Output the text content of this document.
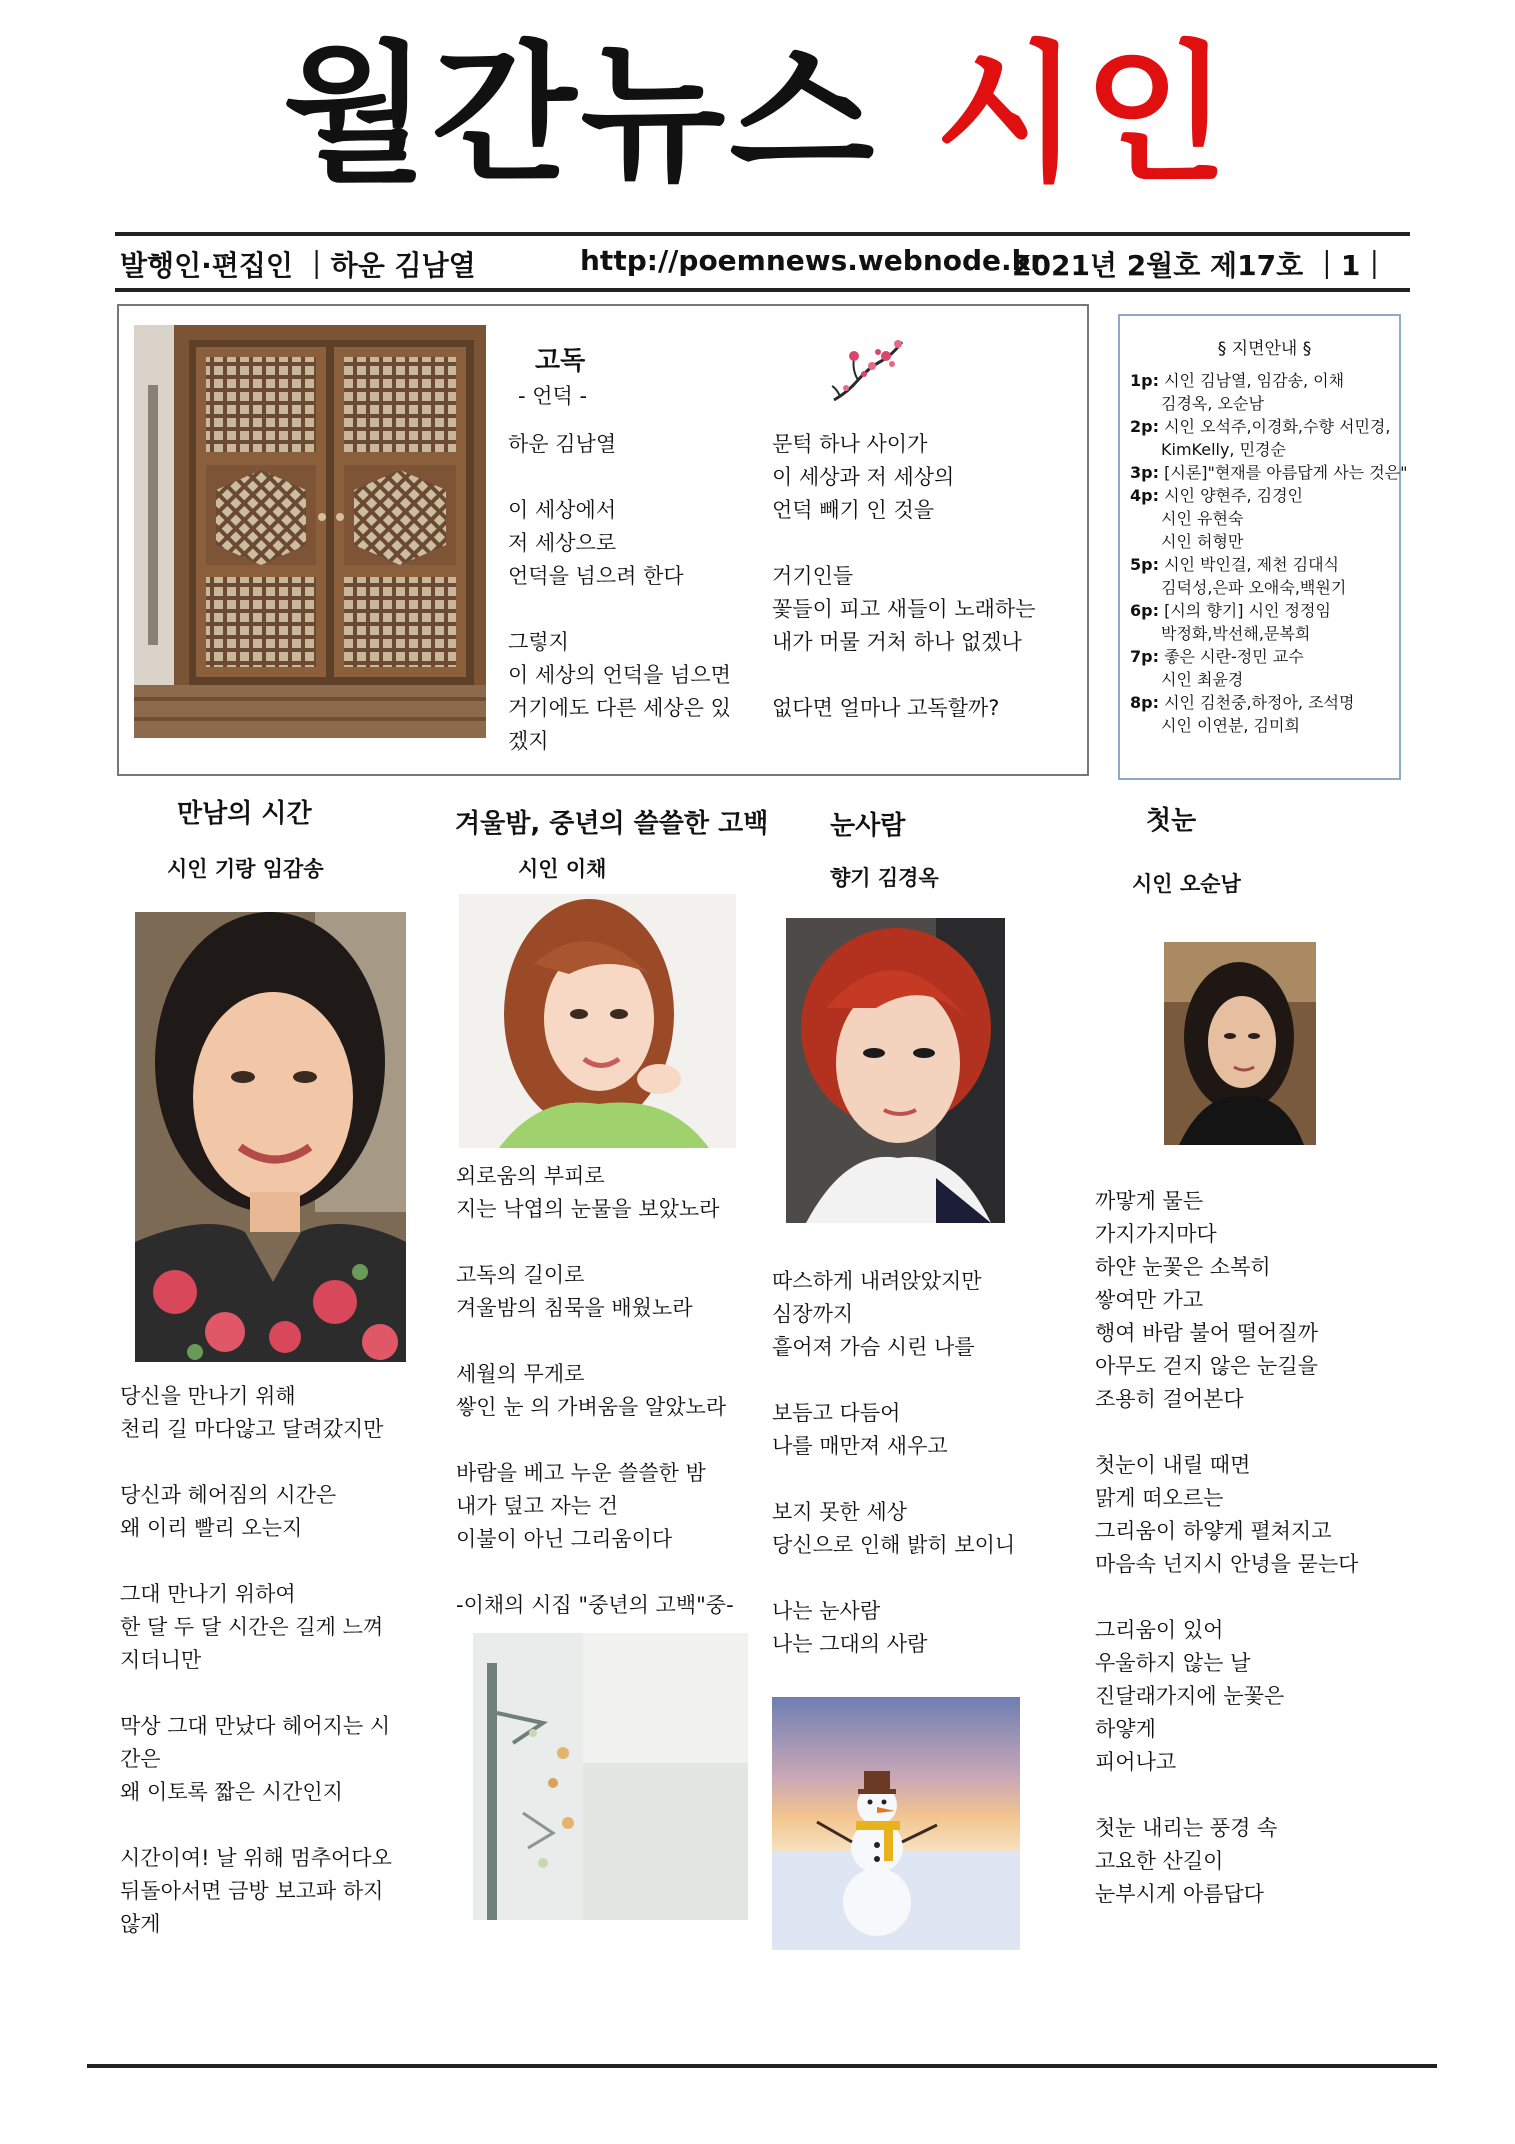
월간뉴스 시인
발행인·편집인 ｜하운 김남열	http://poemnews.webnode.kr
2021년 2월호 제17호 ｜1｜
고독
- 언덕 -
하운 김남열
이 세상에서
저 세상으로
언덕을 넘으려 한다
그렇지
이 세상의 언덕을 넘으면
거기에도 다른 세상은 있
겠지
문턱 하나 사이가
이 세상과 저 세상의
언덕 빼기 인 것을
거기인들
꽃들이 피고 새들이 노래하는
내가 머물 거처 하나 없겠나
없다면 얼마나 고독할까?
§ 지면안내 §
1p: 시인 김남열, 임감송, 이채
김경옥, 오순남
2p: 시인 오석주,이경화,수향 서민경,
KimKelly, 민경순
3p: [시론]"현재를 아름답게 사는 것은"
4p: 시인 양현주, 김경인
시인 유현숙
시인 허형만
5p: 시인 박인걸, 제천 김대식
김덕성,은파 오애숙,백원기
6p: [시의 향기] 시인 정정임
박정화,박선해,문복희
7p: 좋은 시란-정민 교수
시인 최윤경
8p: 시인 김천중,하정아, 조석명
시인 이연분, 김미희
만남의 시간
시인 기랑 임감송
당신을 만나기 위해
천리 길 마다않고 달려갔지만
당신과 헤어짐의 시간은
왜 이리 빨리 오는지
그대 만나기 위하여
한 달 두 달 시간은 길게 느껴
지더니만
막상 그대 만났다 헤어지는 시
간은
왜 이토록 짧은 시간인지
시간이여! 날 위해 멈추어다오
뒤돌아서면 금방 보고파 하지
않게
겨울밤, 중년의 쓸쓸한 고백
시인 이채
외로움의 부피로
지는 낙엽의 눈물을 보았노라
고독의 길이로
겨울밤의 침묵을 배웠노라
세월의 무게로
쌓인 눈 의 가벼움을 알았노라
바람을 베고 누운 쓸쓸한 밤
내가 덮고 자는 건
이불이 아닌 그리움이다
-이채의 시집 "중년의 고백"중-
눈사람
향기 김경옥
따스하게 내려앉았지만
심장까지
흩어져 가슴 시린 나를
보듬고 다듬어
나를 매만져 새우고
보지 못한 세상
당신으로 인해 밝히 보이니
나는 눈사람
나는 그대의 사람
첫눈
시인 오순남
까맣게 물든
가지가지마다
하얀 눈꽃은 소복히
쌓여만 가고
행여 바람 불어 떨어질까
아무도 걷지 않은 눈길을
조용히 걸어본다
첫눈이 내릴 때면
맑게 떠오르는
그리움이 하얗게 펼쳐지고
마음속 넌지시 안녕을 묻는다
그리움이 있어
우울하지 않는 날
진달래가지에 눈꽃은
하얗게
피어나고
첫눈 내리는 풍경 속
고요한 산길이
눈부시게 아름답다
